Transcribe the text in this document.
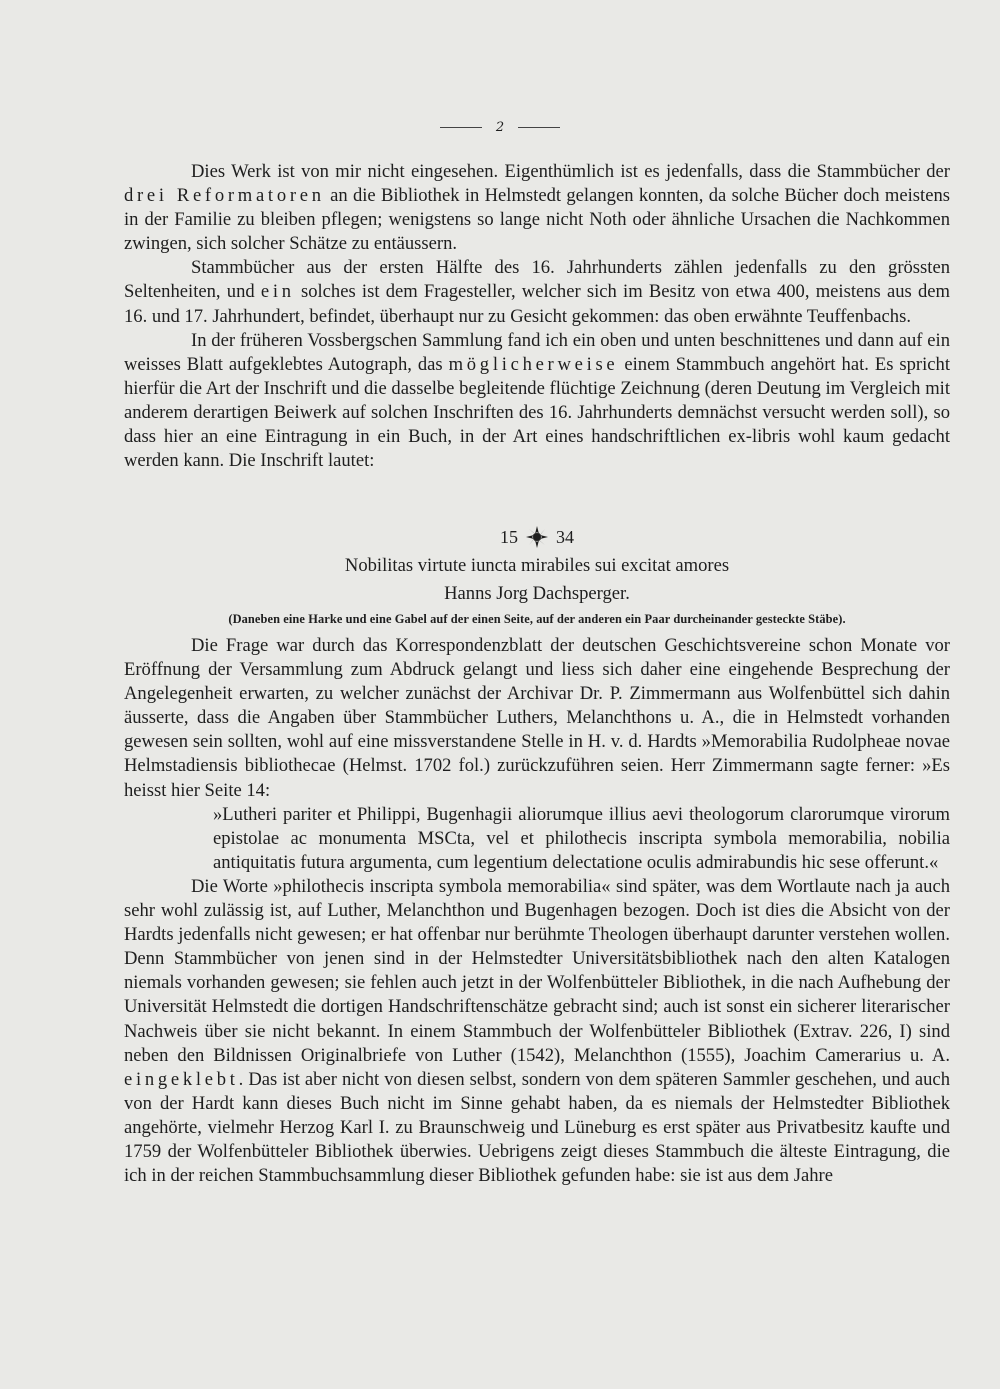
2

Dies Werk ist von mir nicht eingesehen. Eigenthümlich ist es jedenfalls, dass die Stammbücher der drei Reformatoren an die Bibliothek in Helmstedt gelangen konnten, da solche Bücher doch meistens in der Familie zu bleiben pflegen; wenigstens so lange nicht Noth oder ähnliche Ursachen die Nachkommen zwingen, sich solcher Schätze zu entäussern.

Stammbücher aus der ersten Hälfte des 16. Jahrhunderts zählen jedenfalls zu den grössten Seltenheiten, und ein solches ist dem Fragesteller, welcher sich im Besitz von etwa 400, meistens aus dem 16. und 17. Jahrhundert, befindet, überhaupt nur zu Gesicht gekommen: das oben erwähnte Teuffenbachs.

In der früheren Vossbergschen Sammlung fand ich ein oben und unten beschnittenes und dann auf ein weisses Blatt aufgeklebtes Autograph, das möglicherweise einem Stammbuch angehört hat. Es spricht hierfür die Art der Inschrift und die dasselbe begleitende flüchtige Zeichnung (deren Deutung im Vergleich mit anderem derartigen Beiwerk auf solchen Inschriften des 16. Jahrhunderts demnächst versucht werden soll), so dass hier an eine Eintragung in ein Buch, in der Art eines handschriftlichen ex-libris wohl kaum gedacht werden kann. Die Inschrift lautet:

15 34
Nobilitas virtute iuncta mirabiles sui excitat amores
Hanns Jorg Dachsperger.
(Daneben eine Harke und eine Gabel auf der einen Seite, auf der anderen ein Paar durcheinander gesteckte Stäbe).

Die Frage war durch das Korrespondenzblatt der deutschen Geschichtsvereine schon Monate vor Eröffnung der Versammlung zum Abdruck gelangt und liess sich daher eine eingehende Besprechung der Angelegenheit erwarten, zu welcher zunächst der Archivar Dr. P. Zimmermann aus Wolfenbüttel sich dahin äusserte, dass die Angaben über Stammbücher Luthers, Melanchthons u. A., die in Helmstedt vorhanden gewesen sein sollten, wohl auf eine missverstandene Stelle in H. v. d. Hardts »Memorabilia Rudolpheae novae Helmstadiensis bibliothecae (Helmst. 1702 fol.) zurückzuführen seien. Herr Zimmermann sagte ferner: »Es heisst hier Seite 14:

»Lutheri pariter et Philippi, Bugenhagii aliorumque illius aevi theologorum clarorumque virorum epistolae ac monumenta MSCta, vel et philothecis inscripta symbola memorabilia, nobilia antiquitatis futura argumenta, cum legentium delectatione oculis admirabundis hic sese offerunt.«

Die Worte »philothecis inscripta symbola memorabilia« sind später, was dem Wortlaute nach ja auch sehr wohl zulässig ist, auf Luther, Melanchthon und Bugenhagen bezogen. Doch ist dies die Absicht von der Hardts jedenfalls nicht gewesen; er hat offenbar nur berühmte Theologen überhaupt darunter verstehen wollen. Denn Stammbücher von jenen sind in der Helmstedter Universitätsbibliothek nach den alten Katalogen niemals vorhanden gewesen; sie fehlen auch jetzt in der Wolfenbütteler Bibliothek, in die nach Aufhebung der Universität Helmstedt die dortigen Handschriftenschätze gebracht sind; auch ist sonst ein sicherer literarischer Nachweis über sie nicht bekannt. In einem Stammbuch der Wolfenbütteler Bibliothek (Extrav. 226, I) sind neben den Bildnissen Originalbriefe von Luther (1542), Melanchthon (1555), Joachim Camerarius u. A. eingeklebt. Das ist aber nicht von diesen selbst, sondern von dem späteren Sammler geschehen, und auch von der Hardt kann dieses Buch nicht im Sinne gehabt haben, da es niemals der Helmstedter Bibliothek angehörte, vielmehr Herzog Karl I. zu Braunschweig und Lüneburg es erst später aus Privatbesitz kaufte und 1759 der Wolfenbütteler Bibliothek überwies. Uebrigens zeigt dieses Stammbuch die älteste Eintragung, die ich in der reichen Stammbuchsammlung dieser Bibliothek gefunden habe: sie ist aus dem Jahre
